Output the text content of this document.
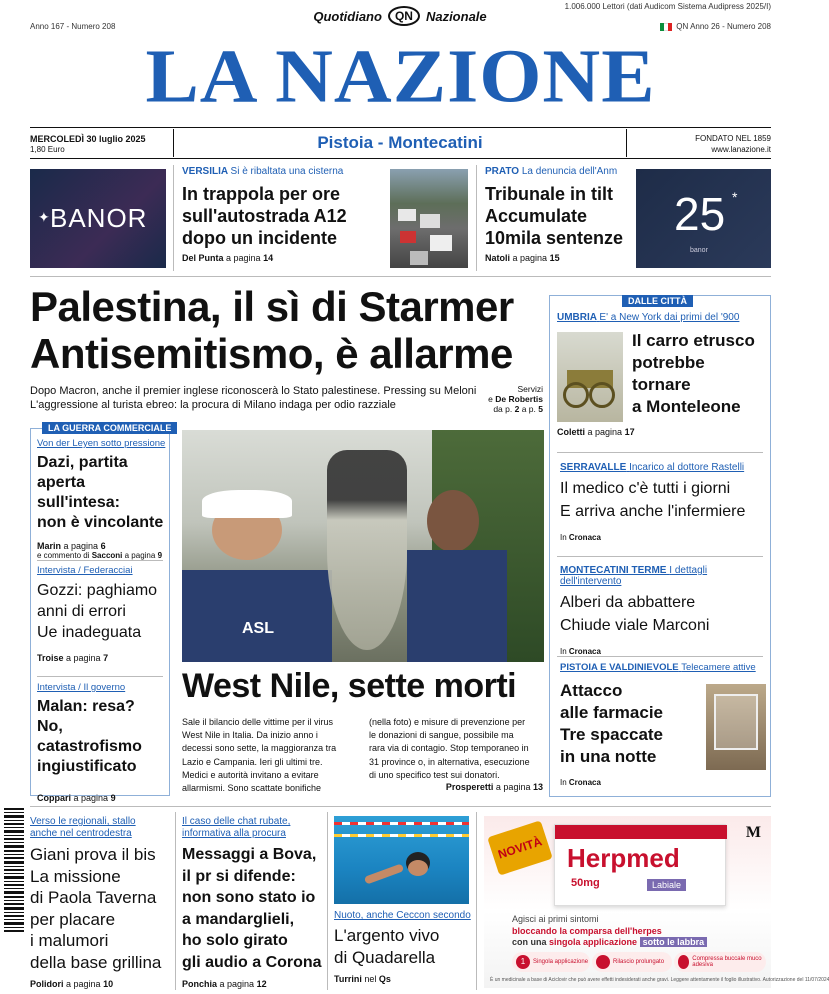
1.006.000 Lettori (dati Audicom Sistema Audipress 2025/I)
Anno 167 - Numero 208	QN Anno 26 - Numero 208
Quotidiano	QN	Nazionale
LA NAZIONE
MERCOLEDÌ 30 luglio 2025
1,80 Euro	Pistoia - Montecatini	FONDATO NEL 1859
www.lanazione.it
✦ BANOR
VERSILIA Si è ribaltata una cisterna
In trappola per ore
sull'autostrada A12
dopo un incidente
Del Punta a pagina 14
PRATO La denuncia dell'Anm
Tribunale in tilt
Accumulate
10mila sentenze
Natoli a pagina 15
25 *
banor
Palestina, il sì di Starmer
Antisemitismo, è allarme
Dopo Macron, anche il premier inglese riconoscerà lo Stato palestinese. Pressing su Meloni
L'aggressione al turista ebreo: la procura di Milano indaga per odio razziale
Servizi
e De Robertis
da p. 2 a p. 5
LA GUERRA COMMERCIALE
Von der Leyen sotto pressione
Dazi, partita aperta
sull'intesa:
non è vincolante
Marin a pagina 6
e commento di Sacconi a pagina 9
Intervista / Federacciai
Gozzi: paghiamo
anni di errori
Ue inadeguata
Troise a pagina 7
Intervista / Il governo
Malan: resa?
No, catastrofismo
ingiustificato
Coppari a pagina 9
ASL
West Nile, sette morti
Sale il bilancio delle vittime per il virus
West Nile in Italia. Da inizio anno i
decessi sono sette, la maggioranza tra
Lazio e Campania. Ieri gli ultimi tre.
Medici e autorità invitano a evitare
allarmismi. Sono scattate bonifiche
(nella foto) e misure di prevenzione per
le donazioni di sangue, possibile ma
rara via di contagio. Stop temporaneo in
31 province o, in alternativa, esecuzione
di uno specifico test sui donatori.
Prosperetti a pagina 13
DALLE CITTÀ
UMBRIA E' a New York dai primi del '900
Il carro etrusco
potrebbe
tornare
a Monteleone
Coletti a pagina 17
SERRAVALLE Incarico al dottore Rastelli
Il medico c'è tutti i giorni
E arriva anche l'infermiere
In Cronaca
MONTECATINI TERME I dettagli dell'intervento
Alberi da abbattere
Chiude viale Marconi
In Cronaca
PISTOIA E VALDINIEVOLE Telecamere attive
Attacco
alle farmacie
Tre spaccate
in una notte
In Cronaca
Verso le regionali, stallo
anche nel centrodestra
Giani prova il bis
La missione
di Paola Taverna
per placare
i malumori
della base grillina
Polidori a pagina 10
Il caso delle chat rubate,
informativa alla procura
Messaggi a Bova,
il pr si difende:
non sono stato io
a mandarglieli,
ho solo girato
gli audio a Corona
Ponchia a pagina 12
Nuoto, anche Ceccon secondo
L'argento vivo
di Quadarella
Turrini nel Qs
NOVITÀ Herpmed
50mg	Labiale
M
Agisci ai primi sintomi
bloccando la comparsa dell'herpes
con una singola applicazione sotto le labbra
1	Singola applicazione	Rilascio prolungato	Compressa buccale muco adesiva
È un medicinale a base di Aciclovir che può avere effetti indesiderati anche gravi. Leggere attentamente il foglio illustrativo. Autorizzazione del 11/07/2024
